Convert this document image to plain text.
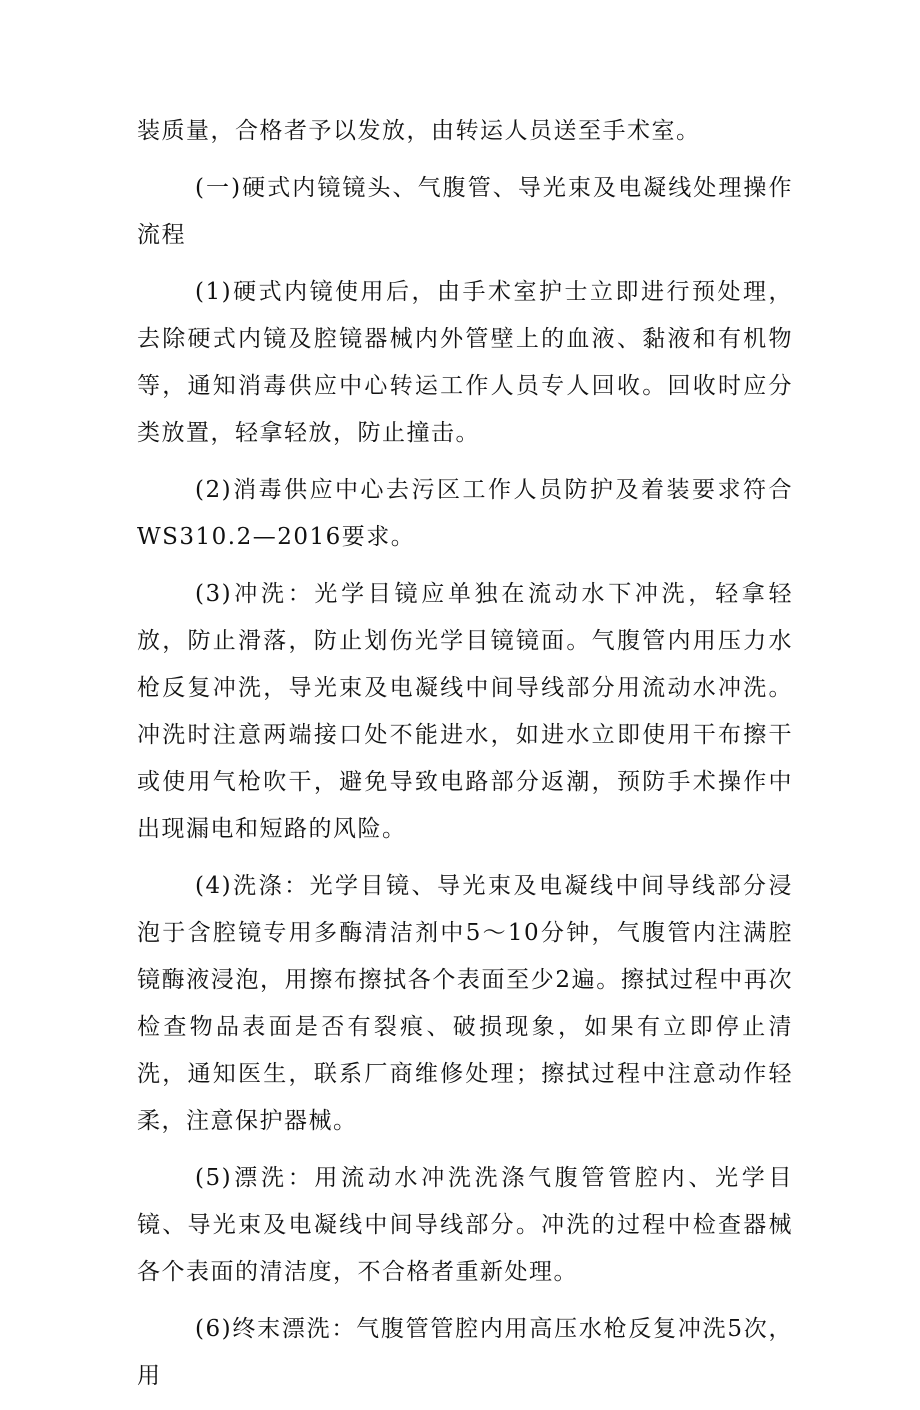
装质量，合格者予以发放，由转运人员送至手术室。

(一)硬式内镜镜头、气腹管、导光束及电凝线处理操作流程

(1)硬式内镜使用后，由手术室护士立即进行预处理，去除硬式内镜及腔镜器械内外管壁上的血液、黏液和有机物等，通知消毒供应中心转运工作人员专人回收。回收时应分类放置，轻拿轻放，防止撞击。

(2)消毒供应中心去污区工作人员防护及着装要求符合WS310.2—2016要求。

(3)冲洗：光学目镜应单独在流动水下冲洗，轻拿轻放，防止滑落，防止划伤光学目镜镜面。气腹管内用压力水枪反复冲洗，导光束及电凝线中间导线部分用流动水冲洗。冲洗时注意两端接口处不能进水，如进水立即使用干布擦干或使用气枪吹干，避免导致电路部分返潮，预防手术操作中出现漏电和短路的风险。

(4)洗涤：光学目镜、导光束及电凝线中间导线部分浸泡于含腔镜专用多酶清洁剂中5～10分钟，气腹管内注满腔镜酶液浸泡，用擦布擦拭各个表面至少2遍。擦拭过程中再次检查物品表面是否有裂痕、破损现象，如果有立即停止清洗，通知医生，联系厂商维修处理；擦拭过程中注意动作轻柔，注意保护器械。

(5)漂洗：用流动水冲洗洗涤气腹管管腔内、光学目镜、导光束及电凝线中间导线部分。冲洗的过程中检查器械各个表面的清洁度，不合格者重新处理。

(6)终末漂洗：气腹管管腔内用高压水枪反复冲洗5次，用
